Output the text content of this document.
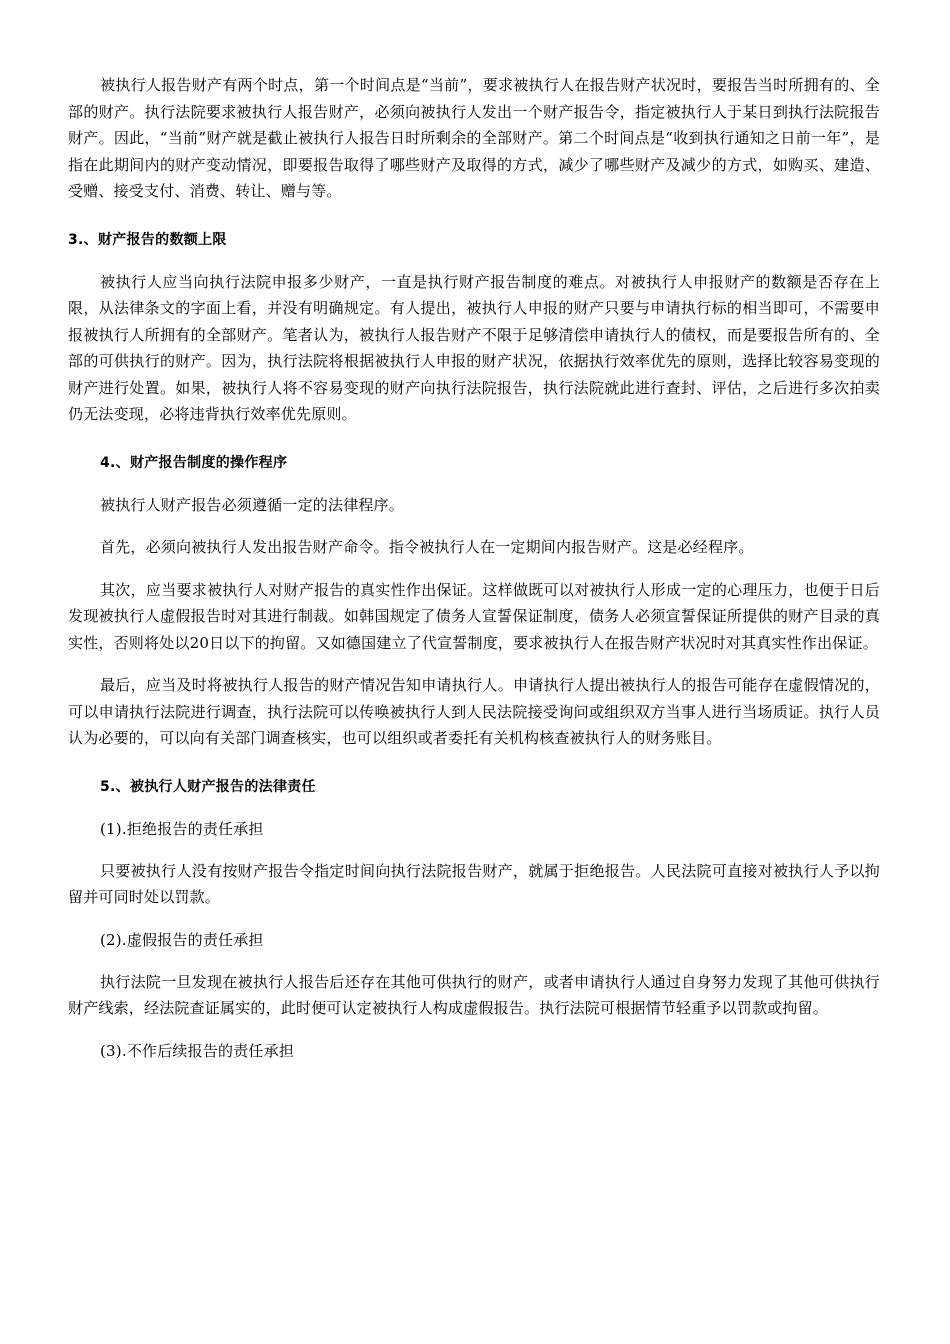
被执行人报告财产有两个时点，第一个时间点是“当前”，要求被执行人在报告财产状况时，要报告当时所拥有的、全部的财产。执行法院要求被执行人报告财产，必须向被执行人发出一个财产报告令，指定被执行人于某日到执行法院报告财产。因此，“当前”财产就是截止被执行人报告日时所剩余的全部财产。第二个时间点是“收到执行通知之日前一年”，是指在此期间内的财产变动情况，即要报告取得了哪些财产及取得的方式，减少了哪些财产及减少的方式，如购买、建造、受赠、接受支付、消费、转让、赠与等。

3.、财产报告的数额上限

被执行人应当向执行法院申报多少财产，一直是执行财产报告制度的难点。对被执行人申报财产的数额是否存在上限，从法律条文的字面上看，并没有明确规定。有人提出，被执行人申报的财产只要与申请执行标的相当即可，不需要申报被执行人所拥有的全部财产。笔者认为，被执行人报告财产不限于足够清偿申请执行人的债权，而是要报告所有的、全部的可供执行的财产。因为，执行法院将根据被执行人申报的财产状况，依据执行效率优先的原则，选择比较容易变现的财产进行处置。如果，被执行人将不容易变现的财产向执行法院报告，执行法院就此进行查封、评估，之后进行多次拍卖仍无法变现，必将违背执行效率优先原则。

4.、财产报告制度的操作程序

被执行人财产报告必须遵循一定的法律程序。

首先，必须向被执行人发出报告财产命令。指令被执行人在一定期间内报告财产。这是必经程序。

其次，应当要求被执行人对财产报告的真实性作出保证。这样做既可以对被执行人形成一定的心理压力，也便于日后发现被执行人虚假报告时对其进行制裁。如韩国规定了债务人宣誓保证制度，债务人必须宣誓保证所提供的财产目录的真实性，否则将处以20日以下的拘留。又如德国建立了代宣誓制度，要求被执行人在报告财产状况时对其真实性作出保证。

最后，应当及时将被执行人报告的财产情况告知申请执行人。申请执行人提出被执行人的报告可能存在虚假情况的，可以申请执行法院进行调查，执行法院可以传唤被执行人到人民法院接受询问或组织双方当事人进行当场质证。执行人员认为必要的，可以向有关部门调查核实，也可以组织或者委托有关机构核查被执行人的财务账目。

5.、被执行人财产报告的法律责任

(1).拒绝报告的责任承担

只要被执行人没有按财产报告令指定时间向执行法院报告财产，就属于拒绝报告。人民法院可直接对被执行人予以拘留并可同时处以罚款。

(2).虚假报告的责任承担

执行法院一旦发现在被执行人报告后还存在其他可供执行的财产，或者申请执行人通过自身努力发现了其他可供执行财产线索，经法院查证属实的，此时便可认定被执行人构成虚假报告。执行法院可根据情节轻重予以罚款或拘留。

(3).不作后续报告的责任承担
